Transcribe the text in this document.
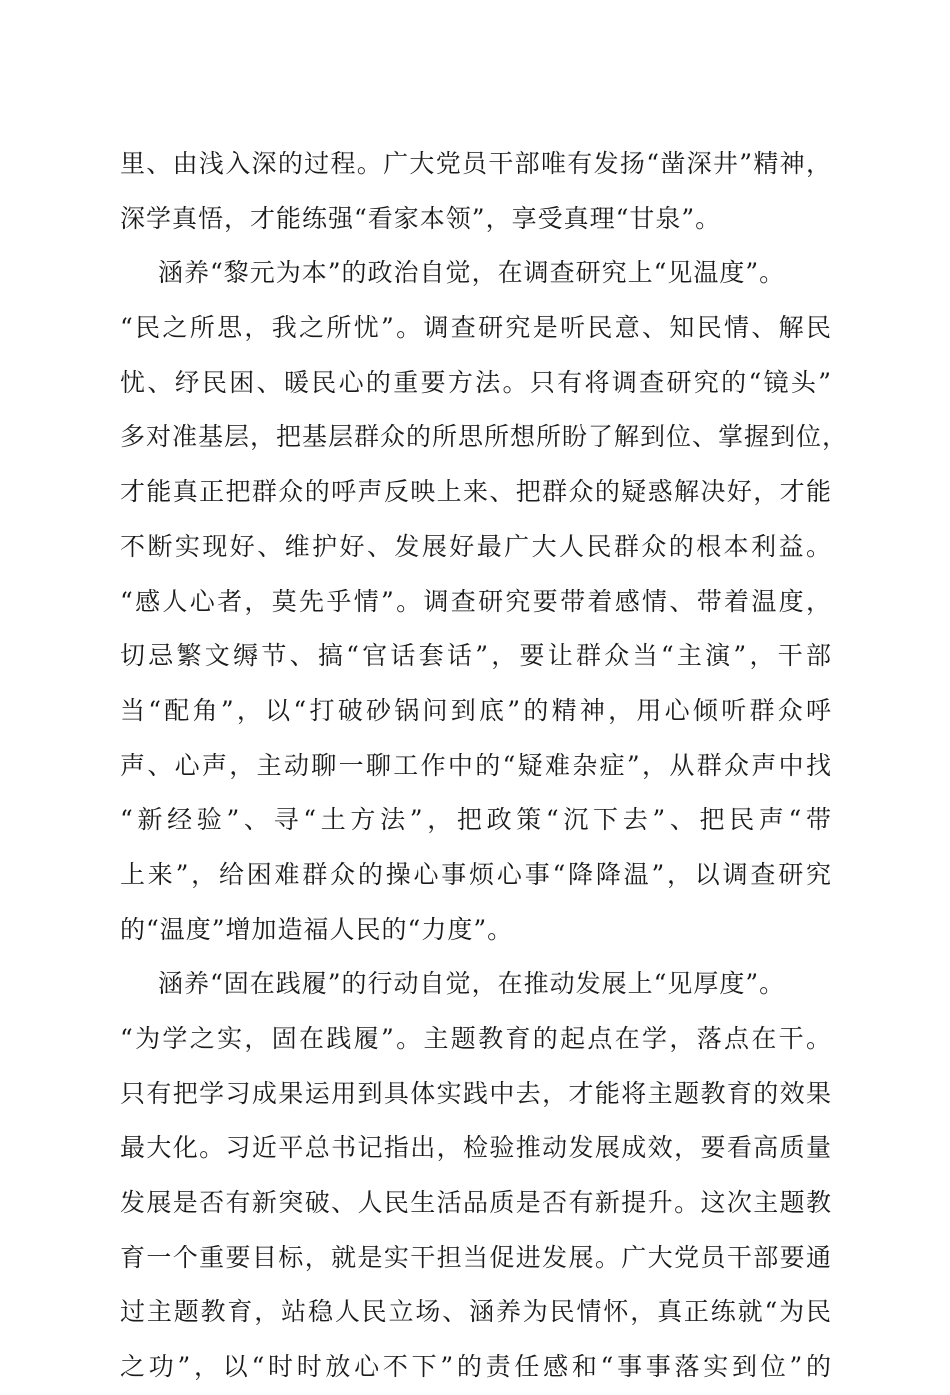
里、由浅入深的过程。广大党员干部唯有发扬“凿深井”精神，
深学真悟，才能练强“看家本领”，享受真理“甘泉”。
涵养“黎元为本”的政治自觉，在调查研究上“见温度”。
“民之所思，我之所忧”。调查研究是听民意、知民情、解民
忧、纾民困、暖民心的重要方法。只有将调查研究的“镜头”
多对准基层，把基层群众的所思所想所盼了解到位、掌握到位，
才能真正把群众的呼声反映上来、把群众的疑惑解决好，才能
不断实现好、维护好、发展好最广大人民群众的根本利益。
“感人心者，莫先乎情”。调查研究要带着感情、带着温度，
切忌繁文缛节、搞“官话套话”，要让群众当“主演”，干部
当“配角”，以“打破砂锅问到底”的精神，用心倾听群众呼
声、心声，主动聊一聊工作中的“疑难杂症”，从群众声中找
“新经验”、寻“土方法”，把政策“沉下去”、把民声“带
上来”，给困难群众的操心事烦心事“降降温”，以调查研究
的“温度”增加造福人民的“力度”。
涵养“固在践履”的行动自觉，在推动发展上“见厚度”。
“为学之实，固在践履”。主题教育的起点在学，落点在干。
只有把学习成果运用到具体实践中去，才能将主题教育的效果
最大化。习近平总书记指出，检验推动发展成效，要看高质量
发展是否有新突破、人民生活品质是否有新提升。这次主题教
育一个重要目标，就是实干担当促进发展。广大党员干部要通
过主题教育，站稳人民立场、涵养为民情怀，真正练就“为民
之功”，以“时时放心不下”的责任感和“事事落实到位”的
